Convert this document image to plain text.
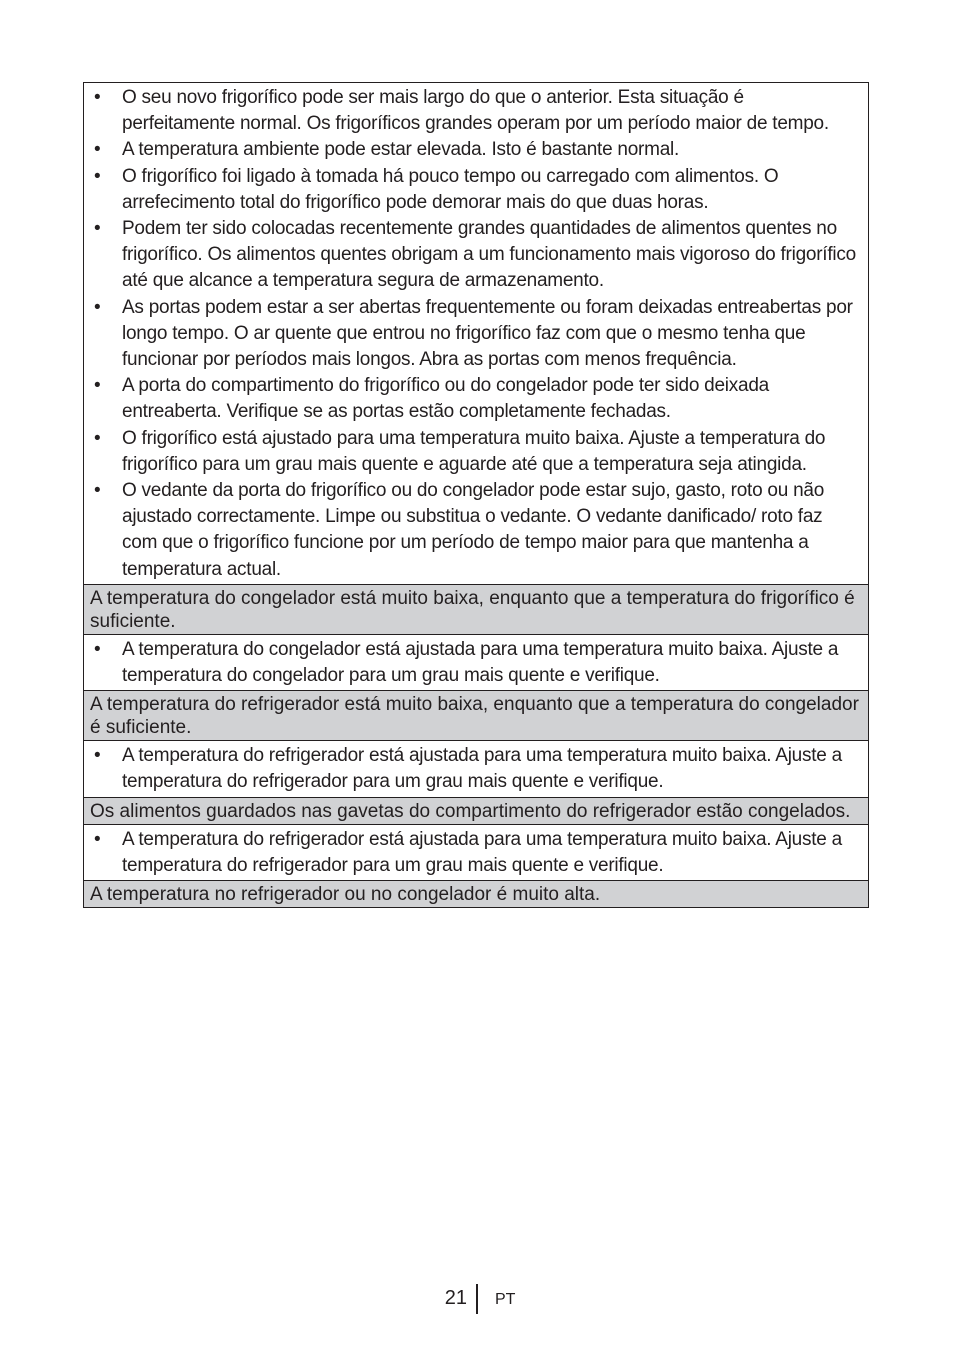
• O seu novo frigorífico pode ser mais largo do que o anterior. Esta situação é perfeitamente normal. Os frigoríficos grandes operam por um período maior de tempo.
• A temperatura ambiente pode estar elevada. Isto é bastante normal.
• O frigorífico foi ligado à tomada há pouco tempo ou carregado com alimentos. O arrefecimento total do frigorífico pode demorar mais do que duas horas.
• Podem ter sido colocadas recentemente grandes quantidades de alimentos quentes no frigorífico. Os alimentos quentes obrigam a um funcionamento mais vigoroso do frigorífico até que alcance a temperatura segura de armazenamento.
• As portas podem estar a ser abertas frequentemente ou foram deixadas entreabertas por longo tempo. O ar quente que entrou no frigorífico faz com que o mesmo tenha que funcionar por períodos mais longos. Abra as portas com menos frequência.
• A porta do compartimento do frigorífico ou do congelador pode ter sido deixada entreaberta. Verifique se as portas estão completamente fechadas.
• O frigorífico está ajustado para uma temperatura muito baixa. Ajuste a temperatura do frigorífico para um grau mais quente e aguarde até que a temperatura seja atingida.
• O vedante da porta do frigorífico ou do congelador pode estar sujo, gasto, roto ou não ajustado correctamente. Limpe ou substitua o vedante. O vedante danificado/ roto faz com que o frigorífico funcione por um período de tempo maior para que mantenha a temperatura actual.
A temperatura do congelador está muito baixa, enquanto que a temperatura do frigorífico é suficiente.
• A temperatura do congelador está ajustada para uma temperatura muito baixa. Ajuste a temperatura do congelador para um grau mais quente e verifique.
A temperatura do refrigerador está muito baixa, enquanto que a temperatura do congelador é suficiente.
• A temperatura do refrigerador está ajustada para uma temperatura muito baixa. Ajuste a temperatura do refrigerador para um grau mais quente e verifique.
Os alimentos guardados nas gavetas do compartimento do refrigerador estão congelados.
• A temperatura do refrigerador está ajustada para uma temperatura muito baixa. Ajuste a temperatura do refrigerador para um grau mais quente e verifique.
A temperatura no refrigerador ou no congelador é muito alta.
21 PT
